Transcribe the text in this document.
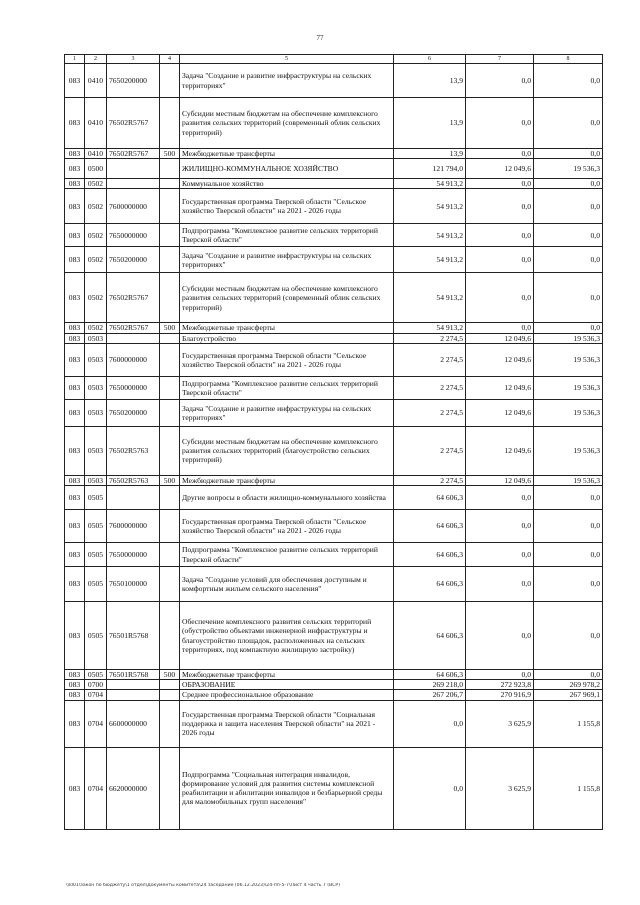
77
1	2	3	4	5	6	7	8
083	0410	7650200000		Задача "Создание и развитие инфраструктуры на сельских территориях"	13,9	0,0	0,0
083	0410	76502R5767		Субсидии местным бюджетам на обеспечение комплексного развития сельских территорий (современный облик сельских территорий)	13,9	0,0	0,0
083	0410	76502R5767	500	Межбюджетные трансферты	13,9	0,0	0,0
083	0500			ЖИЛИЩНО-КОММУНАЛЬНОЕ ХОЗЯЙСТВО	121 794,0	12 049,6	19 536,3
083	0502			Коммунальное хозяйство	54 913,2	0,0	0,0
083	0502	7600000000		Государственная программа Тверской области "Сельское хозяйство Тверской области" на 2021 - 2026 годы	54 913,2	0,0	0,0
083	0502	7650000000		Подпрограмма "Комплексное развитие сельских территорий Тверской области"	54 913,2	0,0	0,0
083	0502	7650200000		Задача "Создание и развитие инфраструктуры на сельских территориях"	54 913,2	0,0	0,0
083	0502	76502R5767		Субсидии местным бюджетам на обеспечение комплексного развития сельских территорий (современный облик сельских территорий)	54 913,2	0,0	0,0
083	0502	76502R5767	500	Межбюджетные трансферты	54 913,2	0,0	0,0
083	0503			Благоустройство	2 274,5	12 049,6	19 536,3
083	0503	7600000000		Государственная программа Тверской области "Сельское хозяйство Тверской области" на 2021 - 2026 годы	2 274,5	12 049,6	19 536,3
083	0503	7650000000		Подпрограмма "Комплексное развитие сельских территорий Тверской области"	2 274,5	12 049,6	19 536,3
083	0503	7650200000		Задача "Создание и развитие инфраструктуры на сельских территориях"	2 274,5	12 049,6	19 536,3
083	0503	76502R5763		Субсидии местным бюджетам на обеспечение комплексного развития сельских территорий (благоустройство сельских территорий)	2 274,5	12 049,6	19 536,3
083	0503	76502R5763	500	Межбюджетные трансферты	2 274,5	12 049,6	19 536,3
083	0505			Другие вопросы в области жилищно-коммунального хозяйства	64 606,3	0,0	0,0
083	0505	7600000000		Государственная программа Тверской области "Сельское хозяйство Тверской области" на 2021 - 2026 годы	64 606,3	0,0	0,0
083	0505	7650000000		Подпрограмма "Комплексное развитие сельских территорий Тверской области"	64 606,3	0,0	0,0
083	0505	7650100000		Задача "Создание условий для обеспечения доступным и комфортным жильем сельского населения"	64 606,3	0,0	0,0
083	0505	76501R5768		Обеспечение комплексного развития сельских территорий (обустройство объектами инженерной инфраструктуры и благоустройство площадок, расположенных на сельских территориях, под компактную жилищную застройку)	64 606,3	0,0	0,0
083	0505	76501R5768	500	Межбюджетные трансферты	64 606,3	0,0	0,0
083	0700			ОБРАЗОВАНИЕ	269 218,0	272 923,8	269 978,2
083	0704			Среднее профессиональное образование	267 206,7	270 916,9	267 969,1
083	0704	6600000000		Государственная программа Тверской области "Социальная поддержка и защита населения Тверской области" на 2021 - 2026 годы	0,0	3 625,9	1 155,8
083	0704	6620000000		Подпрограмма "Социальная интеграция инвалидов, формирование условий для развития системы комплексной реабилитации и абилитации инвалидов и безбарьерной среды для маломобильных групп населения"	0,0	3 625,9	1 155,8
\\kl01\закон по бюджету\1 отдел\Документы комитета\24 заседание (06.12.2023)\24-пп-5-7\Лист 4 часть 7 (ВСР)
